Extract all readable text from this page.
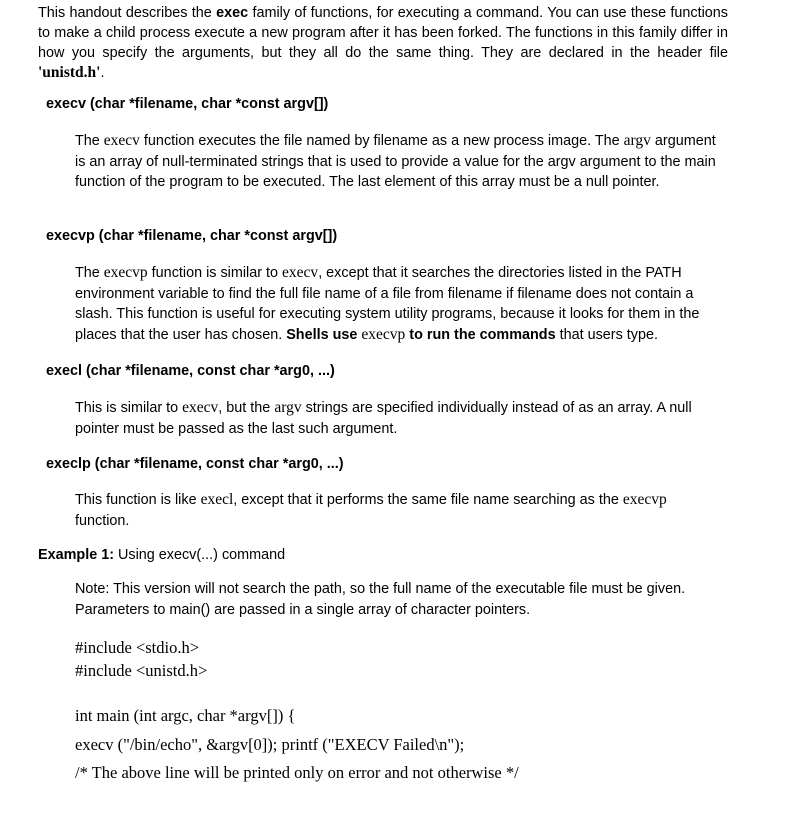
This handout describes the exec family of functions, for executing a command. You can use these functions to make a child process execute a new program after it has been forked. The functions in this family differ in how you specify the arguments, but they all do the same thing. They are declared in the header file 'unistd.h'.

execv (char *filename, char *const argv[])

The execv function executes the file named by filename as a new process image. The argv argument is an array of null-terminated strings that is used to provide a value for the argv argument to the main function of the program to be executed. The last element of this array must be a null pointer.

execvp (char *filename, char *const argv[])

The execvp function is similar to execv, except that it searches the directories listed in the PATH environment variable to find the full file name of a file from filename if filename does not contain a slash. This function is useful for executing system utility programs, because it looks for them in the places that the user has chosen. Shells use execvp to run the commands that users type.

execl (char *filename, const char *arg0, ...)

This is similar to execv, but the argv strings are specified individually instead of as an array. A null pointer must be passed as the last such argument.

execlp (char *filename, const char *arg0, ...)

This function is like execl, except that it performs the same file name searching as the execvp function.

Example 1: Using execv(...) command

Note: This version will not search the path, so the full name of the executable file must be given. Parameters to main() are passed in a single array of character pointers.

#include <stdio.h>

#include <unistd.h>

int main (int argc, char *argv[]) {

execv ("/bin/echo", &argv[0]); printf ("EXECV Failed\n");

/* The above line will be printed only on error and not otherwise */
